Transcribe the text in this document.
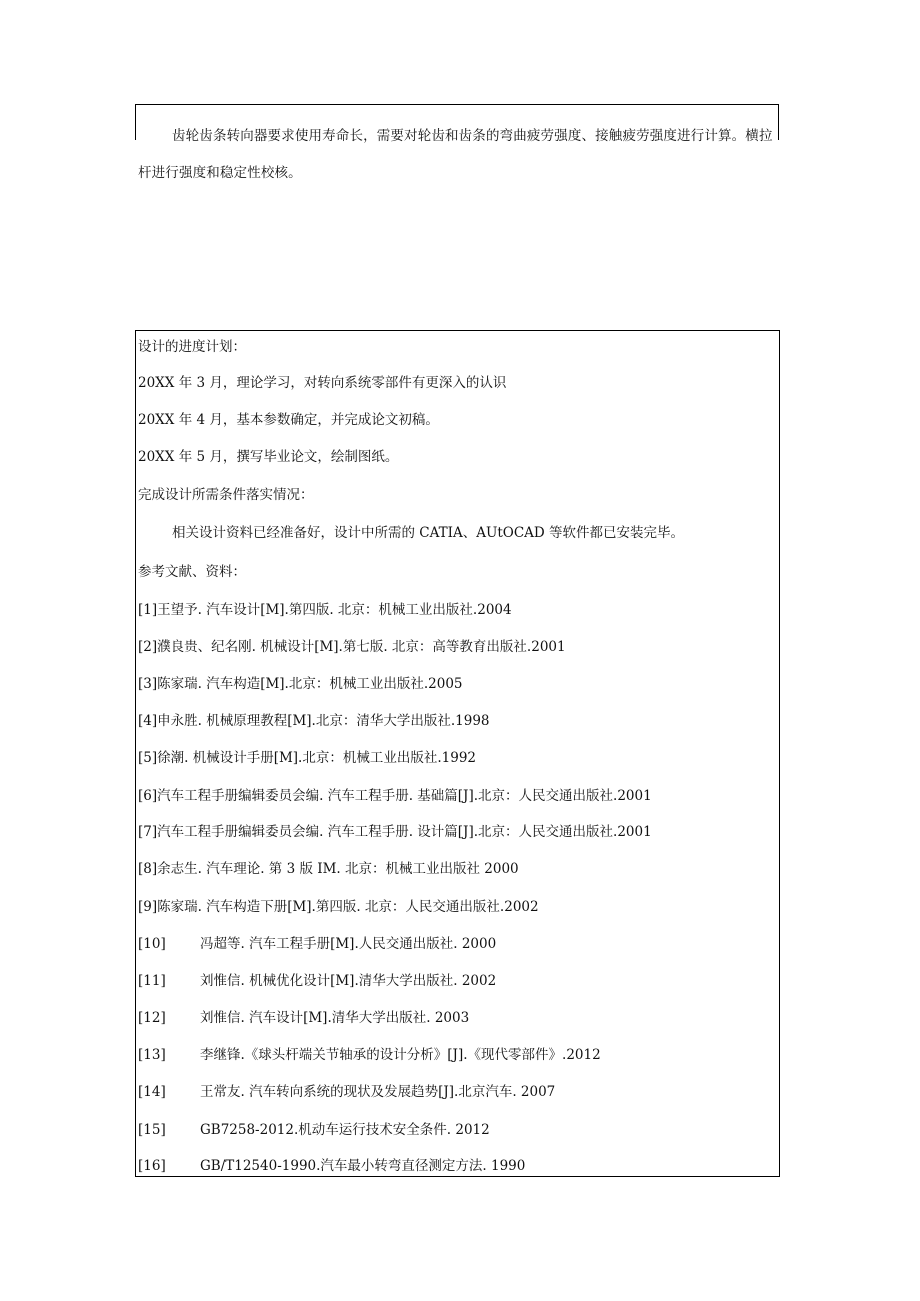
齿轮齿条转向器要求使用寿命长，需要对轮齿和齿条的弯曲疲劳强度、接触疲劳强度进行计算。横拉杆进行强度和稳定性校核。

设计的进度计划：
20XX 年 3 月，理论学习，对转向系统零部件有更深入的认识
20XX 年 4 月，基本参数确定，并完成论文初稿。
20XX 年 5 月，撰写毕业论文，绘制图纸。
完成设计所需条件落实情况：
相关设计资料已经准备好，设计中所需的 CATIA、AUtOCAD 等软件都已安装完毕。
参考文献、资料：
[1]王望予. 汽车设计[M].第四版. 北京：机械工业出版社.2004
[2]濮良贵、纪名刚. 机械设计[M].第七版. 北京：高等教育出版社.2001
[3]陈家瑞. 汽车构造[M].北京：机械工业出版社.2005
[4]申永胜. 机械原理教程[M].北京：清华大学出版社.1998
[5]徐潮. 机械设计手册[M].北京：机械工业出版社.1992
[6]汽车工程手册编辑委员会编. 汽车工程手册. 基础篇[J].北京：人民交通出版社.2001
[7]汽车工程手册编辑委员会编. 汽车工程手册. 设计篇[J].北京：人民交通出版社.2001
[8]余志生. 汽车理论. 第 3 版 IM. 北京：机械工业出版社 2000
[9]陈家瑞. 汽车构造下册[M].第四版. 北京：人民交通出版社.2002
[10]	冯超等. 汽车工程手册[M].人民交通出版社. 2000
[11]	刘惟信. 机械优化设计[M].清华大学出版社. 2002
[12]	刘惟信. 汽车设计[M].清华大学出版社. 2003
[13]	李继锋.《球头杆端关节轴承的设计分析》[J].《现代零部件》.2012
[14]	王常友. 汽车转向系统的现状及发展趋势[J].北京汽车. 2007
[15]	GB7258-2012.机动车运行技术安全条件. 2012
[16]	GB/T12540-1990.汽车最小转弯直径测定方法. 1990
